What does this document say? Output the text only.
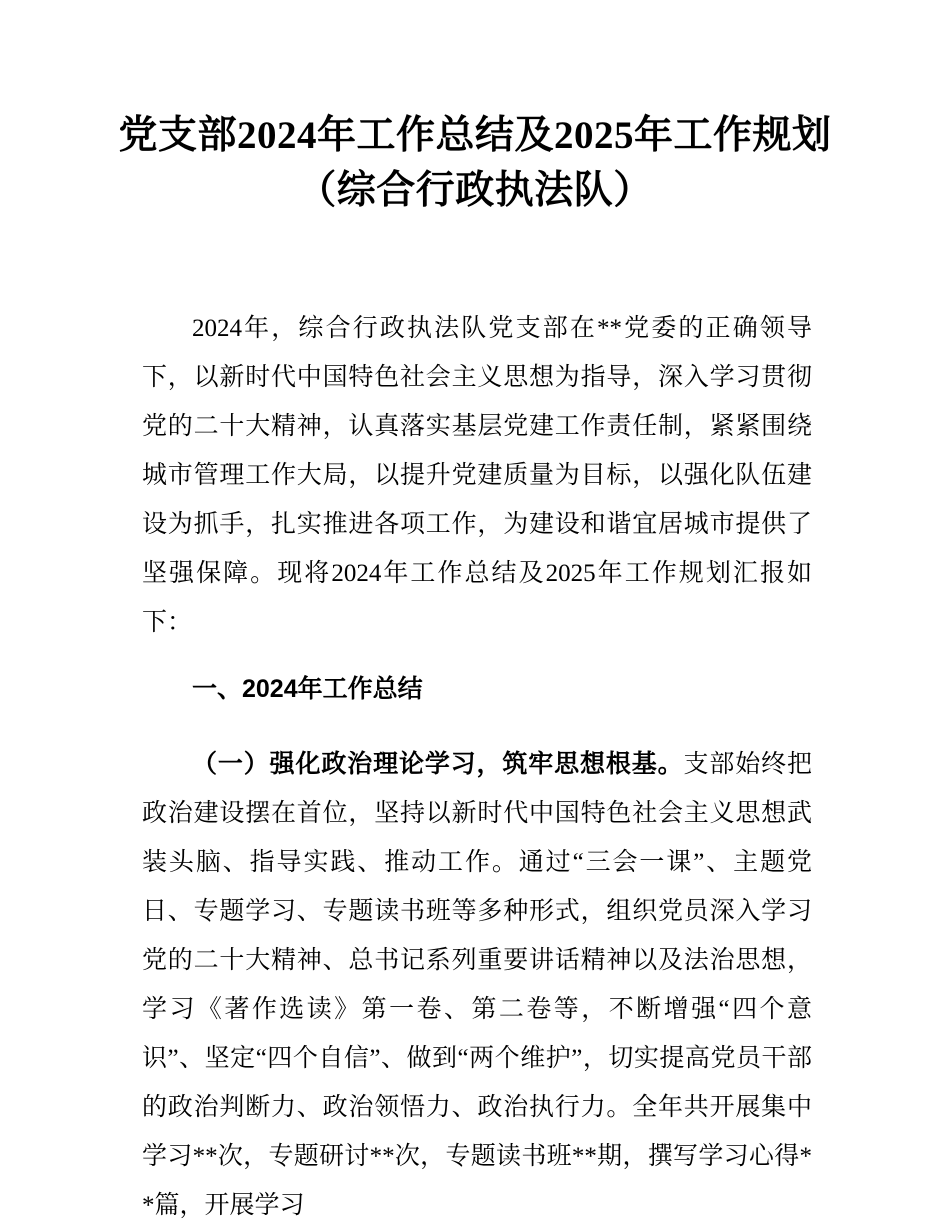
党支部2024年工作总结及2025年工作规划
（综合行政执法队）

2024年，综合行政执法队党支部在**党委的正确领导下，以新时代中国特色社会主义思想为指导，深入学习贯彻党的二十大精神，认真落实基层党建工作责任制，紧紧围绕城市管理工作大局，以提升党建质量为目标，以强化队伍建设为抓手，扎实推进各项工作，为建设和谐宜居城市提供了坚强保障。现将2024年工作总结及2025年工作规划汇报如下：

一、2024年工作总结

（一）强化政治理论学习，筑牢思想根基。支部始终把政治建设摆在首位，坚持以新时代中国特色社会主义思想武装头脑、指导实践、推动工作。通过“三会一课”、主题党日、专题学习、专题读书班等多种形式，组织党员深入学习党的二十大精神、总书记系列重要讲话精神以及法治思想，学习《著作选读》第一卷、第二卷等，不断增强“四个意识”、坚定“四个自信”、做到“两个维护”，切实提高党员干部的政治判断力、政治领悟力、政治执行力。全年共开展集中学习**次，专题研讨**次，专题读书班**期，撰写学习心得**篇，开展学习
